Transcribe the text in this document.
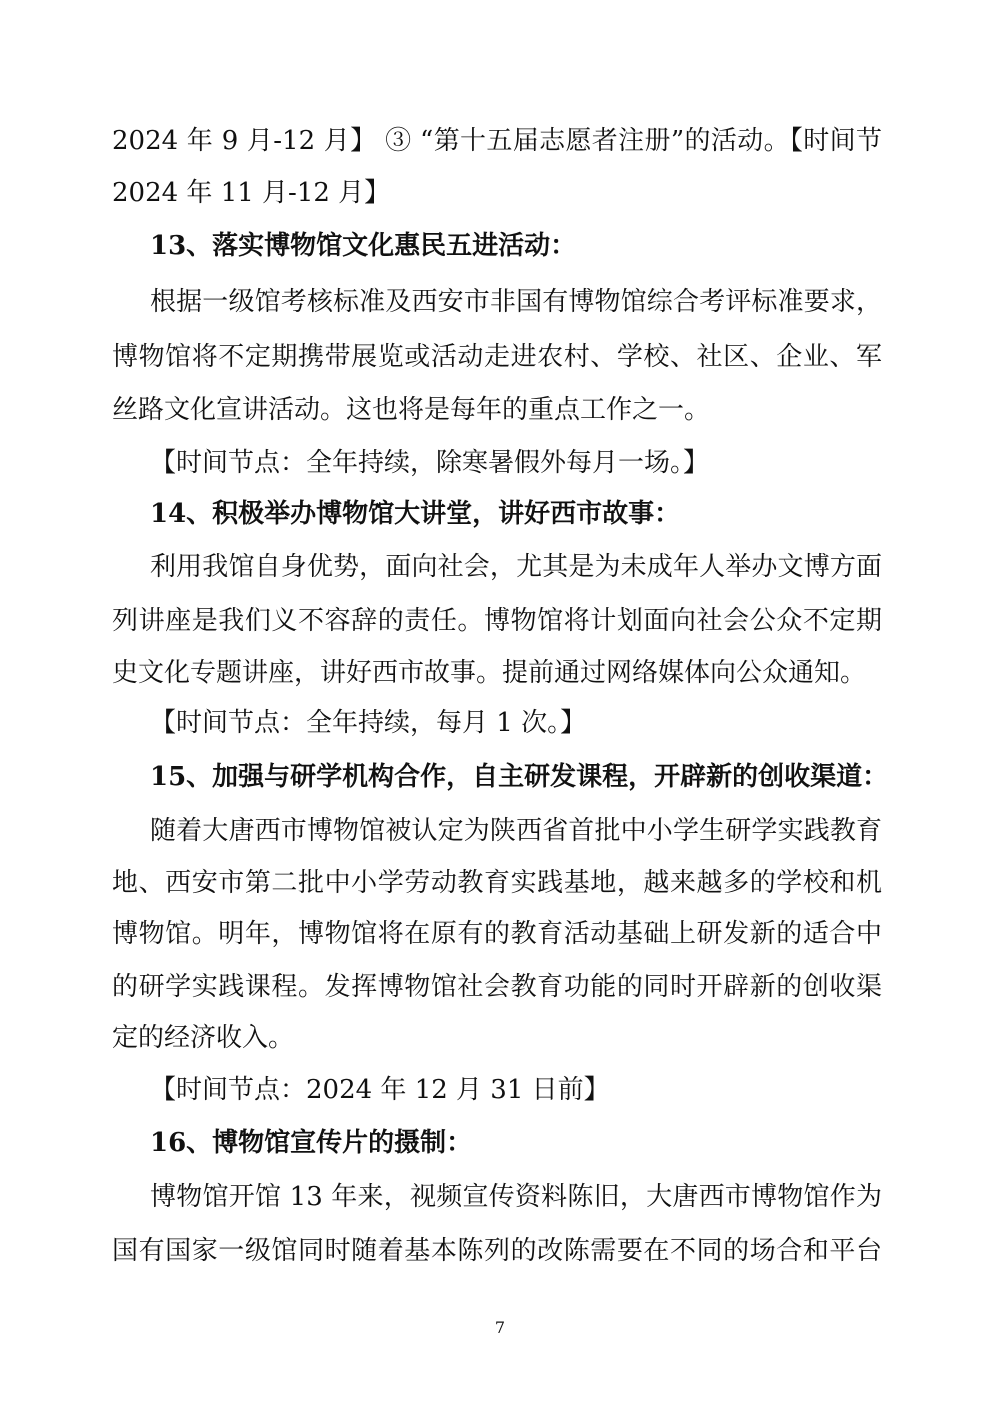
2024 年 9 月-12 月】 ③ “第十五届志愿者注册”的活动。【时间节
2024 年 11 月-12 月】
13、落实博物馆文化惠民五进活动：
根据一级馆考核标准及西安市非国有博物馆综合考评标准要求，
博物馆将不定期携带展览或活动走进农村、学校、社区、企业、军
丝路文化宣讲活动。这也将是每年的重点工作之一。
【时间节点：全年持续，除寒暑假外每月一场。】
14、积极举办博物馆大讲堂，讲好西市故事：
利用我馆自身优势，面向社会，尤其是为未成年人举办文博方面
列讲座是我们义不容辞的责任。博物馆将计划面向社会公众不定期
史文化专题讲座，讲好西市故事。提前通过网络媒体向公众通知。
【时间节点：全年持续，每月 1 次。】
15、加强与研学机构合作，自主研发课程，开辟新的创收渠道：
随着大唐西市博物馆被认定为陕西省首批中小学生研学实践教育
地、西安市第二批中小学劳动教育实践基地，越来越多的学校和机
博物馆。明年，博物馆将在原有的教育活动基础上研发新的适合中
的研学实践课程。发挥博物馆社会教育功能的同时开辟新的创收渠
定的经济收入。
【时间节点：2024 年 12 月 31 日前】
16、博物馆宣传片的摄制：
博物馆开馆 13 年来，视频宣传资料陈旧，大唐西市博物馆作为
国有国家一级馆同时随着基本陈列的改陈需要在不同的场合和平台
7
